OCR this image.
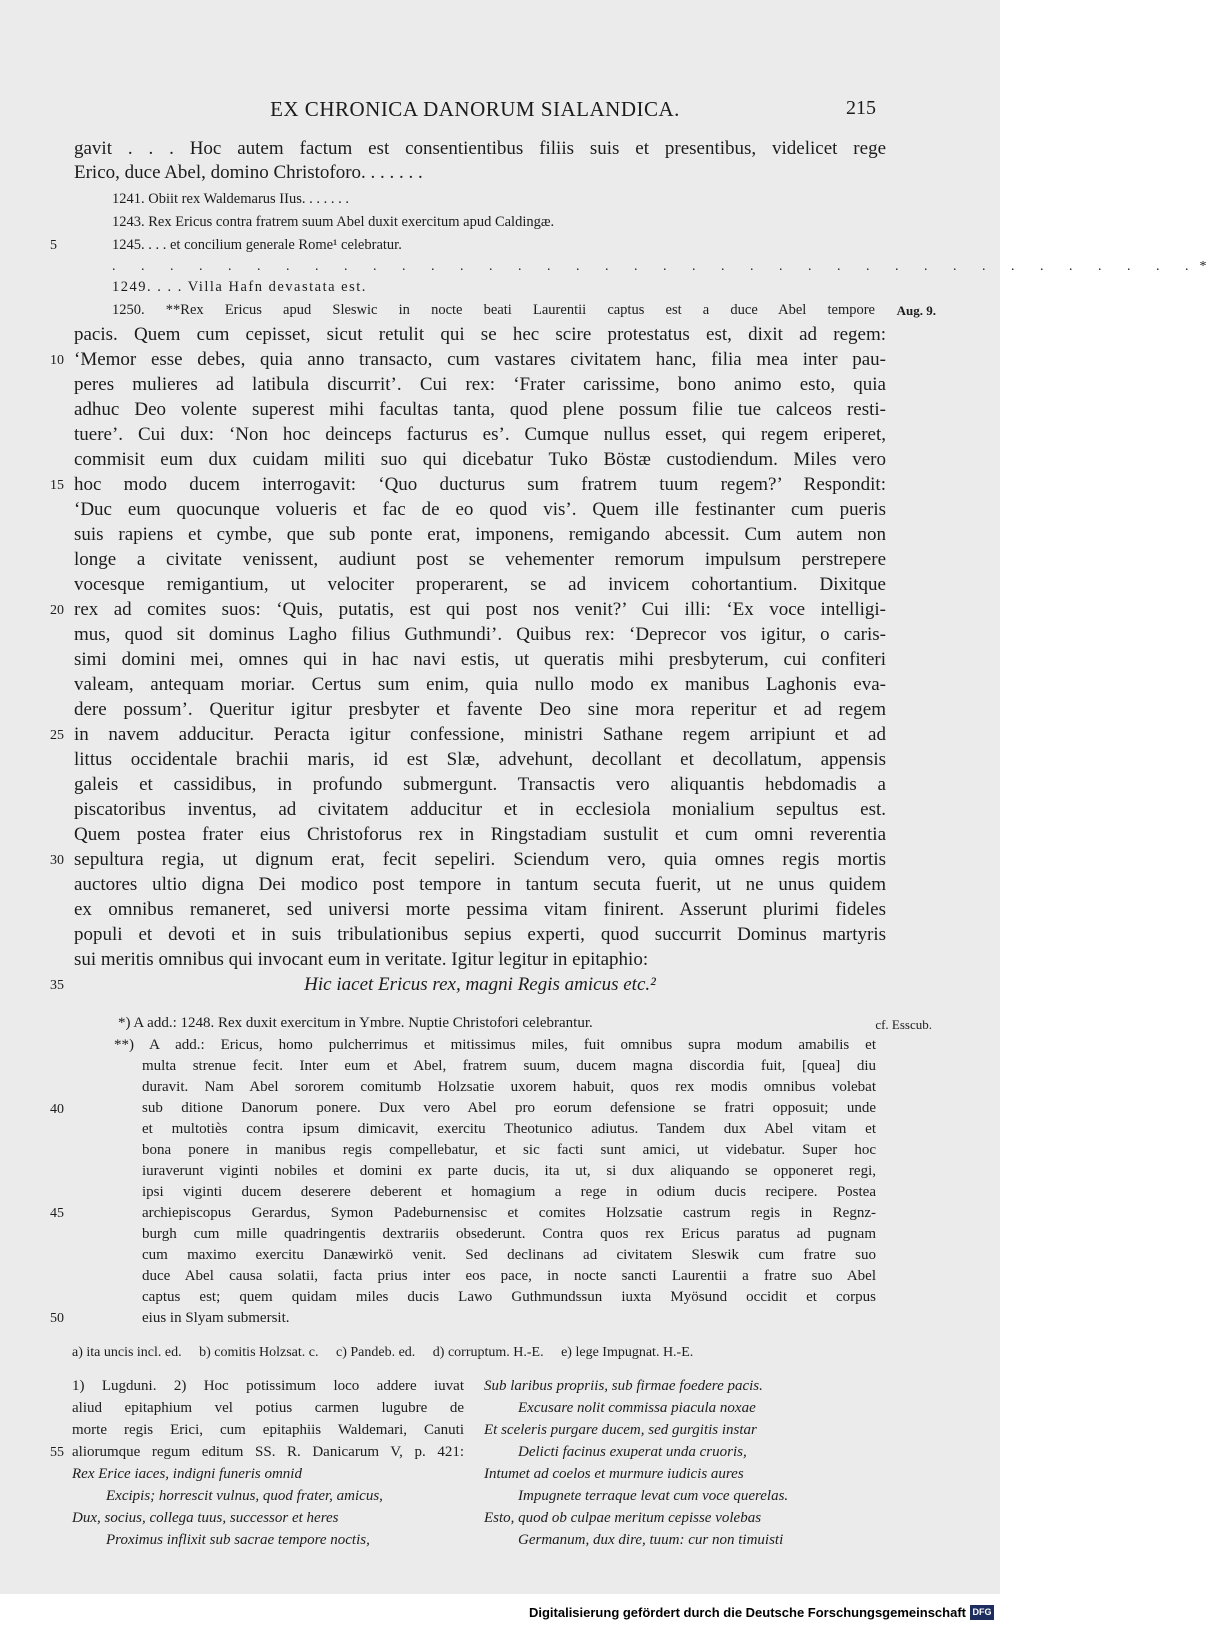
EX CHRONICA DANORUM SIALANDICA.	215
gavit . . . Hoc autem factum est consentientibus filiis suis et presentibus, videlicet rege
Erico, duce Abel, domino Christoforo. . . . . . .
1241. Obiit rex Waldemarus IIus. . . . . . .
1243. Rex Ericus contra fratrem suum Abel duxit exercitum apud Caldingæ.
1245. . . . et concilium generale Rome¹ celebratur.
. . . . . . . . . . . . . . . . . . . . . . . . . . . . . . . . . . . . . .*
1249. . . . Villa Hafn devastata est.
1250. **Rex Ericus apud Sleswic in nocte beati Laurentii captus est a duce Abel tempore
pacis. Quem cum cepisset, sicut retulit qui se hec scire protestatus est, dixit ad regem:
‘Memor esse debes, quia anno transacto, cum vastares civitatem hanc, filia mea inter pau-
peres mulieres ad latibula discurrit’. Cui rex: ‘Frater carissime, bono animo esto, quia
adhuc Deo volente superest mihi facultas tanta, quod plene possum filie tue calceos resti-
tuere’. Cui dux: ‘Non hoc deinceps facturus es’. Cumque nullus esset, qui regem eriperet,
commisit eum dux cuidam militi suo qui dicebatur Tuko Böstæ custodiendum. Miles vero
hoc modo ducem interrogavit: ‘Quo ducturus sum fratrem tuum regem?’ Respondit:
‘Duc eum quocunque volueris et fac de eo quod vis’. Quem ille festinanter cum pueris
suis rapiens et cymbe, que sub ponte erat, imponens, remigando abcessit. Cum autem non
longe a civitate venissent, audiunt post se vehementer remorum impulsum perstrepere
vocesque remigantium, ut velociter properarent, se ad invicem cohortantium. Dixitque
rex ad comites suos: ‘Quis, putatis, est qui post nos venit?’ Cui illi: ‘Ex voce intelligi-
mus, quod sit dominus Lagho filius Guthmundi’. Quibus rex: ‘Deprecor vos igitur, o caris-
simi domini mei, omnes qui in hac navi estis, ut queratis mihi presbyterum, cui confiteri
valeam, antequam moriar. Certus sum enim, quia nullo modo ex manibus Laghonis eva-
dere possum’. Queritur igitur presbyter et favente Deo sine mora reperitur et ad regem
in navem adducitur. Peracta igitur confessione, ministri Sathane regem arripiunt et ad
littus occidentale brachii maris, id est Slæ, advehunt, decollant et decollatum, appensis
galeis et cassidibus, in profundo submergunt. Transactis vero aliquantis hebdomadis a
piscatoribus inventus, ad civitatem adducitur et in ecclesiola monialium sepultus est.
Quem postea frater eius Christoforus rex in Ringstadiam sustulit et cum omni reverentia
sepultura regia, ut dignum erat, fecit sepeliri. Sciendum vero, quia omnes regis mortis
auctores ultio digna Dei modico post tempore in tantum secuta fuerit, ut ne unus quidem
ex omnibus remaneret, sed universi morte pessima vitam finirent. Asserunt plurimi fideles
populi et devoti et in suis tribulationibus sepius experti, quod succurrit Dominus martyris
sui meritis omnibus qui invocant eum in veritate. Igitur legitur in epitaphio:
Hic iacet Ericus rex, magni Regis amicus etc.²
5
10
15
20
25
30
35
40
45
50
55
Aug. 9.
cf. Esscub.
*) A add.: 1248. Rex duxit exercitum in Ymbre. Nuptie Christofori celebrantur.
**) A add.: Ericus, homo pulcherrimus et mitissimus miles, fuit omnibus supra modum amabilis et
multa strenue fecit. Inter eum et Abel, fratrem suum, ducem magna discordia fuit, [quea] diu
duravit. Nam Abel sororem comitumb Holzsatie uxorem habuit, quos rex modis omnibus volebat
sub ditione Danorum ponere. Dux vero Abel pro eorum defensione se fratri opposuit; unde
et multotiès contra ipsum dimicavit, exercitu Theotunico adiutus. Tandem dux Abel vitam et
bona ponere in manibus regis compellebatur, et sic facti sunt amici, ut videbatur. Super hoc
iuraverunt viginti nobiles et domini ex parte ducis, ita ut, si dux aliquando se opponeret regi,
ipsi viginti ducem deserere deberent et homagium a rege in odium ducis recipere. Postea
archiepiscopus Gerardus, Symon Padeburnensisc et comites Holzsatie castrum regis in Regnz-
burgh cum mille quadringentis dextrariis obsederunt. Contra quos rex Ericus paratus ad pugnam
cum maximo exercitu Danæwirkö venit. Sed declinans ad civitatem Sleswik cum fratre suo
duce Abel causa solatii, facta prius inter eos pace, in nocte sancti Laurentii a fratre suo Abel
captus est; quem quidam miles ducis Lawo Guthmundssun iuxta Myösund occidit et corpus
eius in Slyam submersit.
a) ita uncis incl. ed.     b) comitis Holzsat. c.     c) Pandeb. ed.     d) corruptum. H.-E.     e) lege Impugnat. H.-E.
1) Lugduni. 2) Hoc potissimum loco addere iuvat
aliud epitaphium vel potius carmen lugubre de
morte regis Erici, cum epitaphiis Waldemari, Canuti
aliorumque regum editum SS. R. Danicarum V, p. 421:
Rex Erice iaces, indigni funeris omnid
Excipis; horrescit vulnus, quod frater, amicus,
Dux, socius, collega tuus, successor et heres
Proximus inflixit sub sacrae tempore noctis,
Sub laribus propriis, sub firmae foedere pacis.
Excusare nolit commissa piacula noxae
Et sceleris purgare ducem, sed gurgitis instar
Delicti facinus exuperat unda cruoris,
Intumet ad coelos et murmure iudicis aures
Impugnete terraque levat cum voce querelas.
Esto, quod ob culpae meritum cepisse volebas
Germanum, dux dire, tuum: cur non timuisti
Digitalisierung gefördert durch die Deutsche Forschungsgemeinschaft DFG
